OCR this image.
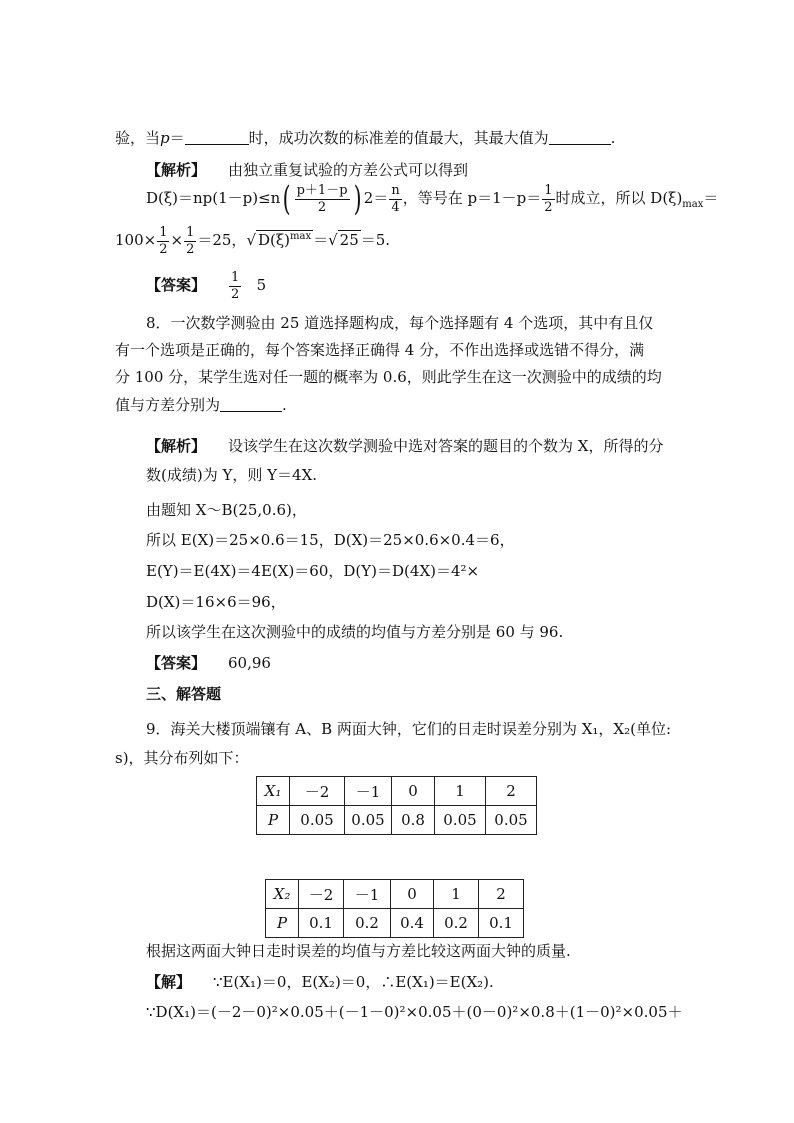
验，当p＝	时，成功次数的标准差的值最大，其最大值为	.
【解析】 由独立重复试验的方差公式可以得到
$D(\xi)=np(1-p)\le n( \frac{p+1-p}{2}$ ) $2= \frac{n}{4}$ ，等号在 $p=1-p= \frac{1}{2}$ 时成立，所以 $D(\xi)_{max}=$
$100\times \frac{1}{2} \times \frac{1}{2} =25$，√ $D(\xi)^{max}$ ＝√ 25 ＝5.
【答案】 $\frac{1}{2} 5$
8．一次数学测验由 25 道选择题构成，每个选择题有 4 个选项，其中有且仅
有一个选项是正确的，每个答案选择正确得 4 分，不作出选择或选错不得分，满
分 100 分，某学生选对任一题的概率为 0.6，则此学生在这一次测验中的成绩的均
值与方差分别为	.
【解析】 设该学生在这次数学测验中选对答案的题目的个数为 X，所得的分
数(成绩)为 Y，则 Y＝4X.
由题知 X～B(25,0.6)，
所以 E(X)＝25×0.6＝15，D(X)＝25×0.6×0.4＝6，
E(Y)＝E(4X)＝4E(X)＝60，D(Y)＝D(4X)＝4²×
D(X)＝16×6＝96，
所以该学生在这次测验中的成绩的均值与方差分别是 60 与 96.
【答案】 60,96
三、解答题
9．海关大楼顶端镶有 A、B 两面大钟，它们的日走时误差分别为 X₁，X₂(单位:
s)，其分布列如下：
X₁	－2	－1	0	1	2
P	0.05	0.05	0.8	0.05	0.05
X₂	－2	－1	0	1	2
P	0.1	0.2	0.4	0.2	0.1
根据这两面大钟日走时误差的均值与方差比较这两面大钟的质量.
【解】 ∵E(X₁)＝0，E(X₂)＝0，∴E(X₁)＝E(X₂).
∵D(X₁)＝(－2－0)²×0.05＋(－1－0)²×0.05＋(0－0)²×0.8＋(1－0)²×0.05＋
